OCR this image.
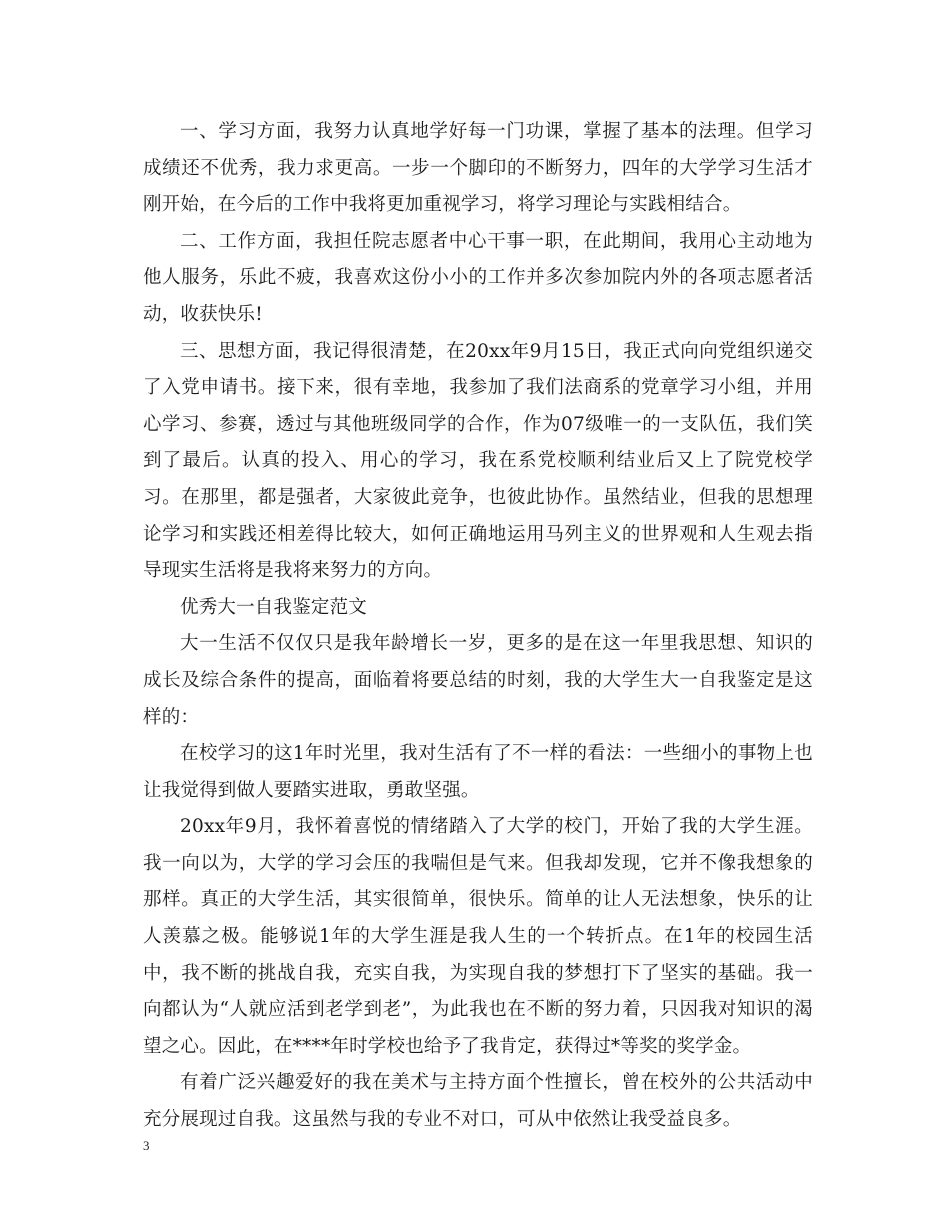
一、学习方面，我努力认真地学好每一门功课，掌握了基本的法理。但学习成绩还不优秀，我力求更高。一步一个脚印的不断努力，四年的大学学习生活才刚开始，在今后的工作中我将更加重视学习，将学习理论与实践相结合。

二、工作方面，我担任院志愿者中心干事一职，在此期间，我用心主动地为他人服务，乐此不疲，我喜欢这份小小的工作并多次参加院内外的各项志愿者活动，收获快乐!

三、思想方面，我记得很清楚，在20xx年9月15日，我正式向向党组织递交了入党申请书。接下来，很有幸地，我参加了我们法商系的党章学习小组，并用心学习、参赛，透过与其他班级同学的合作，作为07级唯一的一支队伍，我们笑到了最后。认真的投入、用心的学习，我在系党校顺利结业后又上了院党校学习。在那里，都是强者，大家彼此竞争，也彼此协作。虽然结业，但我的思想理论学习和实践还相差得比较大，如何正确地运用马列主义的世界观和人生观去指导现实生活将是我将来努力的方向。

优秀大一自我鉴定范文

大一生活不仅仅只是我年龄增长一岁，更多的是在这一年里我思想、知识的成长及综合条件的提高，面临着将要总结的时刻，我的大学生大一自我鉴定是这样的：

在校学习的这1年时光里，我对生活有了不一样的看法：一些细小的事物上也让我觉得到做人要踏实进取，勇敢坚强。

20xx年9月，我怀着喜悦的情绪踏入了大学的校门，开始了我的大学生涯。我一向以为，大学的学习会压的我喘但是气来。但我却发现，它并不像我想象的那样。真正的大学生活，其实很简单，很快乐。简单的让人无法想象，快乐的让人羡慕之极。能够说1年的大学生涯是我人生的一个转折点。在1年的校园生活中，我不断的挑战自我，充实自我，为实现自我的梦想打下了坚实的基础。我一向都认为“人就应活到老学到老”，为此我也在不断的努力着，只因我对知识的渴望之心。因此，在****年时学校也给予了我肯定，获得过*等奖的奖学金。

有着广泛兴趣爱好的我在美术与主持方面个性擅长，曾在校外的公共活动中充分展现过自我。这虽然与我的专业不对口，可从中依然让我受益良多。

3
